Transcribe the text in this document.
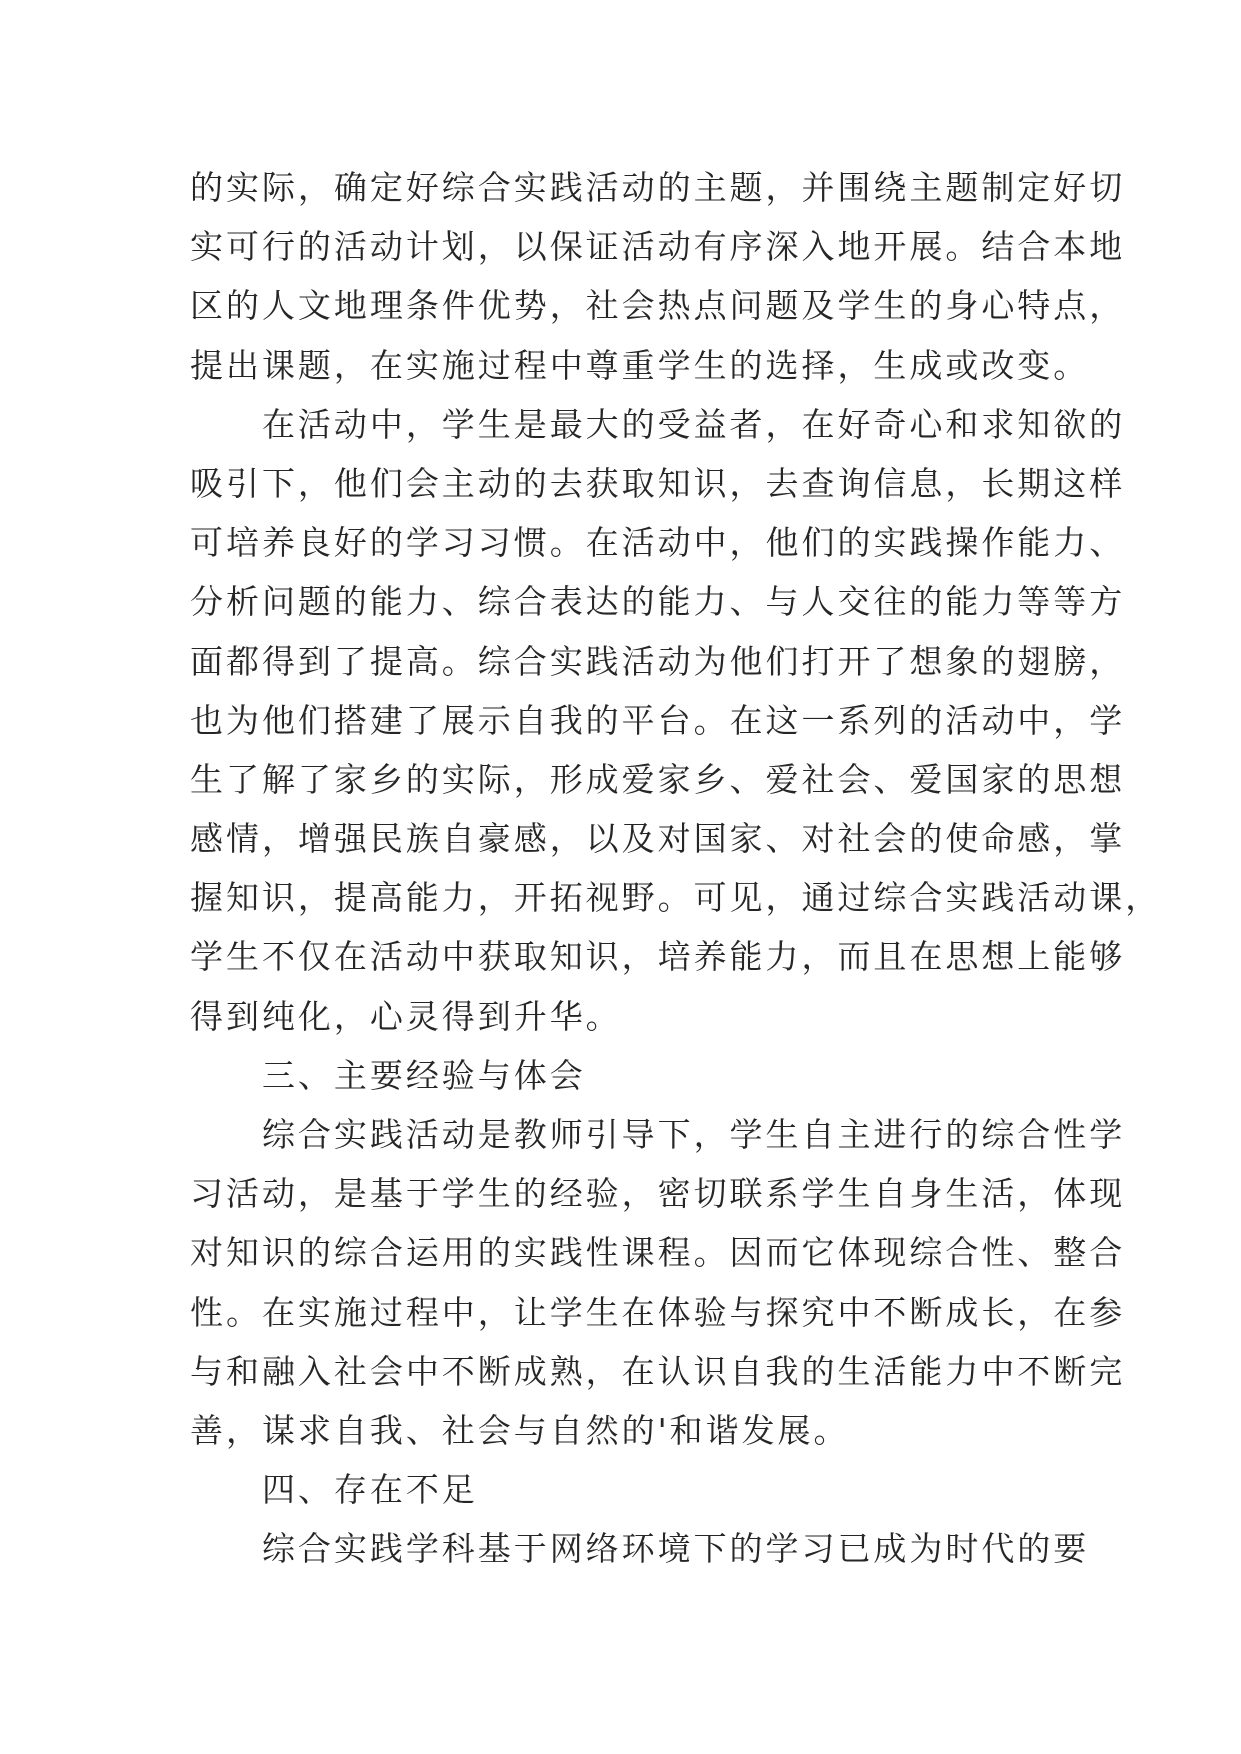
的实际，确定好综合实践活动的主题，并围绕主题制定好切
实可行的活动计划，以保证活动有序深入地开展。结合本地
区的人文地理条件优势，社会热点问题及学生的身心特点，
提出课题，在实施过程中尊重学生的选择，生成或改变。
　　在活动中，学生是最大的受益者，在好奇心和求知欲的
吸引下，他们会主动的去获取知识，去查询信息，长期这样
可培养良好的学习习惯。在活动中，他们的实践操作能力、
分析问题的能力、综合表达的能力、与人交往的能力等等方
面都得到了提高。综合实践活动为他们打开了想象的翅膀，
也为他们搭建了展示自我的平台。在这一系列的活动中，学
生了解了家乡的实际，形成爱家乡、爱社会、爱国家的思想
感情，增强民族自豪感，以及对国家、对社会的使命感，掌
握知识，提高能力，开拓视野。可见，通过综合实践活动课，
学生不仅在活动中获取知识，培养能力，而且在思想上能够
得到纯化，心灵得到升华。
　　三、主要经验与体会
　　综合实践活动是教师引导下，学生自主进行的综合性学
习活动，是基于学生的经验，密切联系学生自身生活，体现
对知识的综合运用的实践性课程。因而它体现综合性、整合
性。在实施过程中，让学生在体验与探究中不断成长，在参
与和融入社会中不断成熟，在认识自我的生活能力中不断完
善，谋求自我、社会与自然的'和谐发展。
　　四、存在不足
　　综合实践学科基于网络环境下的学习已成为时代的要
